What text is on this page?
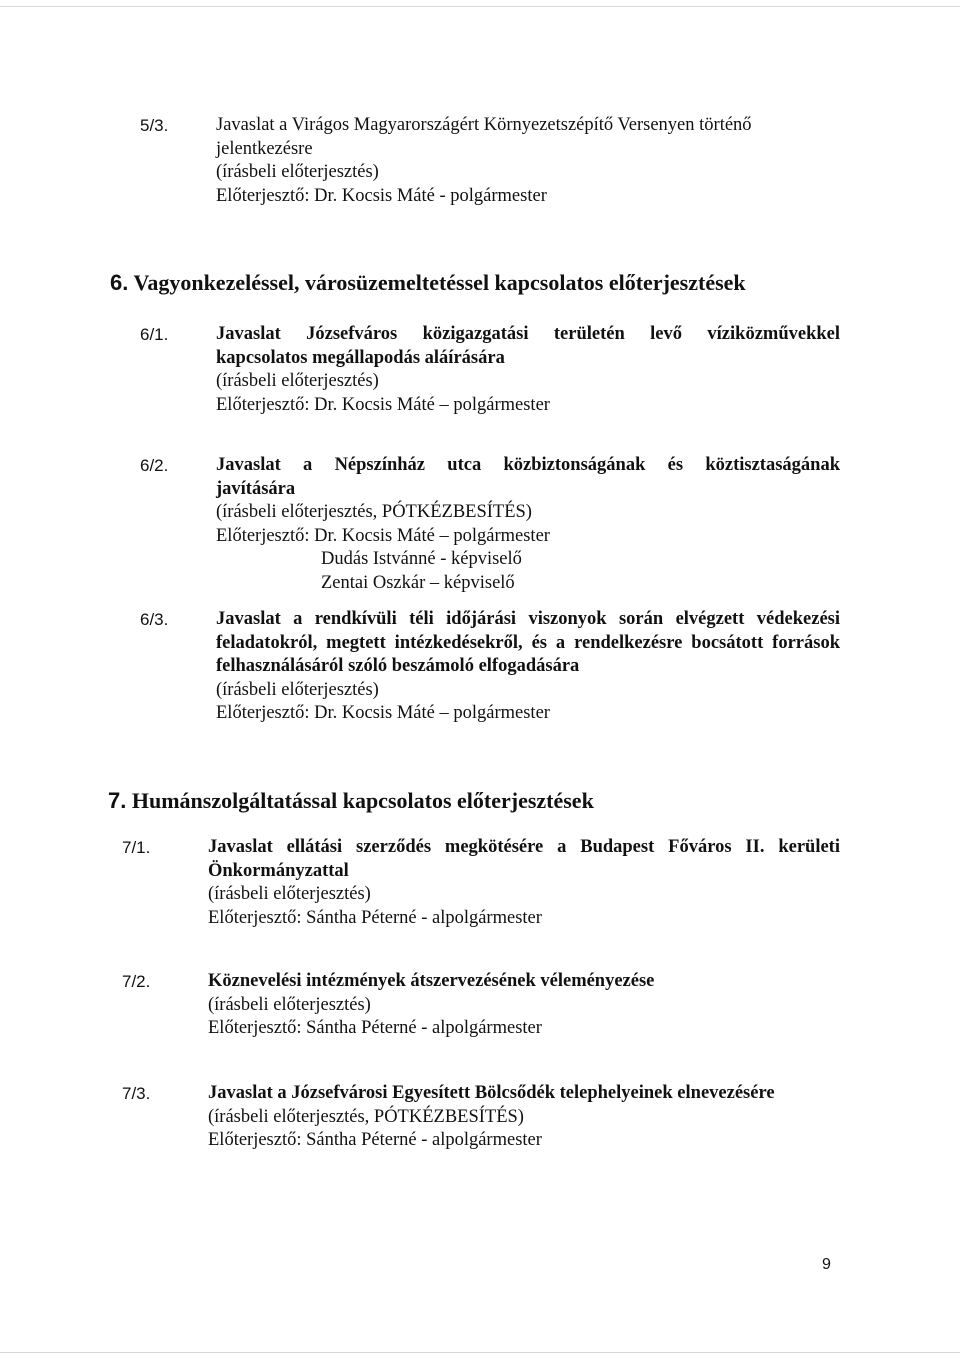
5/3.	Javaslat a Virágos Magyarországért Környezetszépítő Versenyen történő
jelentkezésre
(írásbeli előterjesztés)
Előterjesztő: Dr. Kocsis Máté - polgármester
6. Vagyonkezeléssel, városüzemeltetéssel kapcsolatos előterjesztések
6/1.	Javaslat Józsefváros közigazgatási területén levő víziközművekkel
kapcsolatos megállapodás aláírására
(írásbeli előterjesztés)
Előterjesztő: Dr. Kocsis Máté – polgármester
6/2.	Javaslat a Népszínház utca közbiztonságának és köztisztaságának
javítására
(írásbeli előterjesztés, PÓTKÉZBESÍTÉS)
Előterjesztő: Dr. Kocsis Máté – polgármester
Dudás Istvánné - képviselő
Zentai Oszkár – képviselő
6/3.	Javaslat a rendkívüli téli időjárási viszonyok során elvégzett védekezési
feladatokról, megtett intézkedésekről, és a rendelkezésre bocsátott források
felhasználásáról szóló beszámoló elfogadására
(írásbeli előterjesztés)
Előterjesztő: Dr. Kocsis Máté – polgármester
7. Humánszolgáltatással kapcsolatos előterjesztések
7/1.	Javaslat ellátási szerződés megkötésére a Budapest Főváros II. kerületi
Önkormányzattal
(írásbeli előterjesztés)
Előterjesztő: Sántha Péterné - alpolgármester
7/2.	Köznevelési intézmények átszervezésének véleményezése
(írásbeli előterjesztés)
Előterjesztő: Sántha Péterné - alpolgármester
7/3.	Javaslat a Józsefvárosi Egyesített Bölcsődék telephelyeinek elnevezésére
(írásbeli előterjesztés, PÓTKÉZBESÍTÉS)
Előterjesztő: Sántha Péterné - alpolgármester
9
